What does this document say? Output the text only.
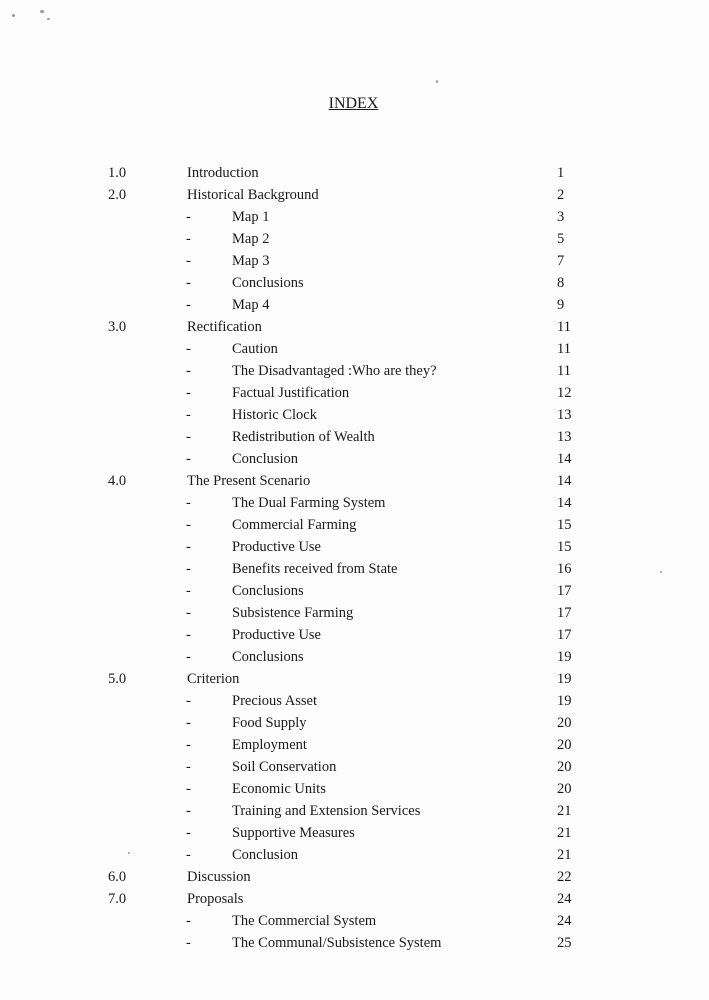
INDEX
1.0	Introduction	1
2.0	Historical Background	2
-	Map 1	3
-	Map 2	5
-	Map 3	7
-	Conclusions	8
-	Map 4	9
3.0	Rectification	11
-	Caution	11
-	The Disadvantaged :Who are they?	11
-	Factual Justification	12
-	Historic Clock	13
-	Redistribution of Wealth	13
-	Conclusion	14
4.0	The Present Scenario	14
-	The Dual Farming System	14
-	Commercial Farming	15
-	Productive Use	15
-	Benefits received from State	16
-	Conclusions	17
-	Subsistence Farming	17
-	Productive Use	17
-	Conclusions	19
5.0	Criterion	19
-	Precious Asset	19
-	Food Supply	20
-	Employment	20
-	Soil Conservation	20
-	Economic Units	20
-	Training and Extension Services	21
-	Supportive Measures	21
-	Conclusion	21
6.0	Discussion	22
7.0	Proposals	24
-	The Commercial System	24
-	The Communal/Subsistence System	25
